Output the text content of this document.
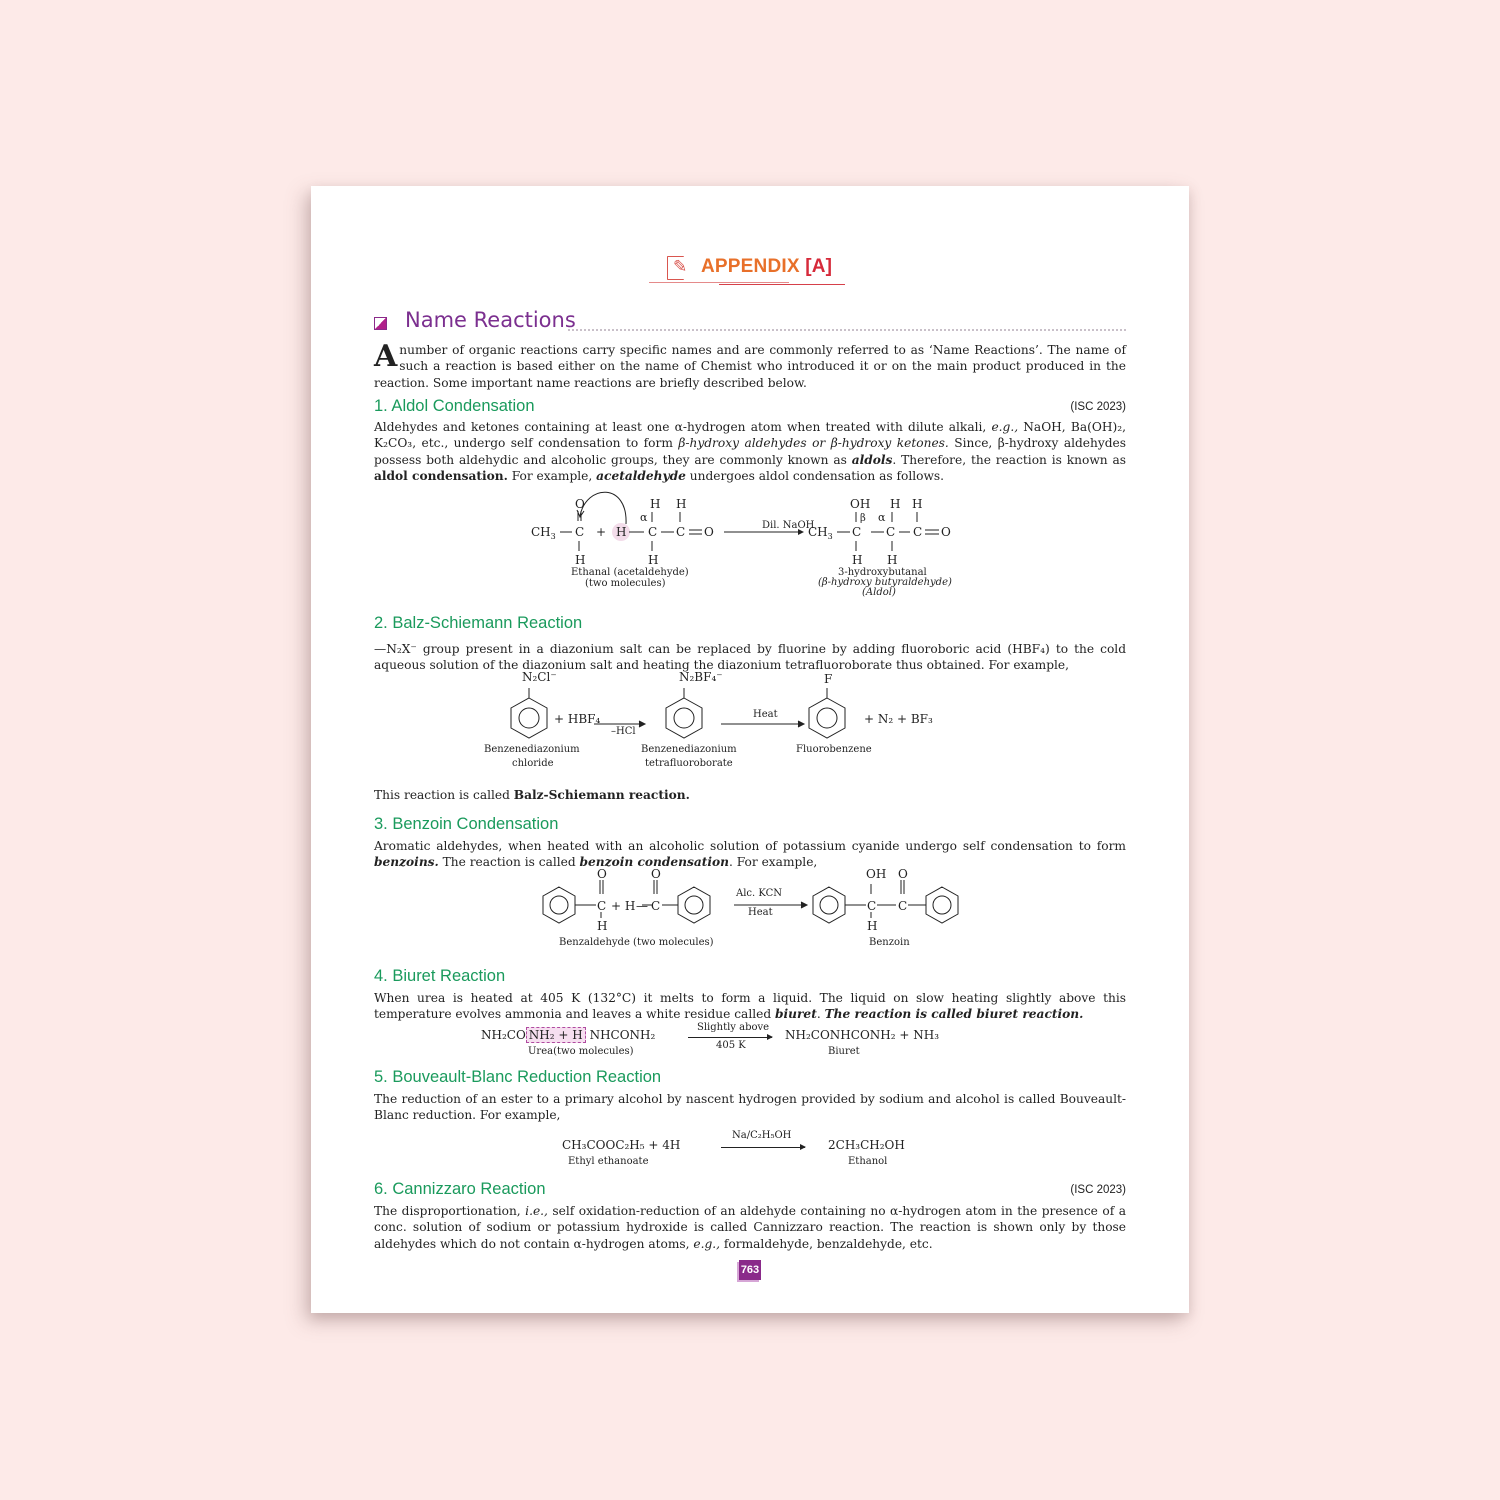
✎ APPENDIX [A]
Name Reactions

A number of organic reactions carry specific names and are commonly referred to as ‘Name Reactions’. The name of such a reaction is based either on the name of Chemist who introduced it or on the main product produced in the reaction. Some important name reactions are briefly described below.

1. Aldol Condensation	(ISC 2023)

Aldehydes and ketones containing at least one α-hydrogen atom when treated with dilute alkali, e.g., NaOH, Ba(OH)₂, K₂CO₃, etc., undergo self condensation to form β-hydroxy aldehydes or β-hydroxy ketones. Since, β-hydroxy aldehydes possess both aldehydic and alcoholic groups, they are commonly known as aldols. Therefore, the reaction is known as aldol condensation. For example, acetaldehyde undergoes aldol condensation as follows.

O
$CH_3$ C
H
+ H C
H
α
H
H
C O	Dil. NaOH
$CH_3$
OH
β
C
H
C
H
α
H
C
H
O
Ethanal (acetaldehyde)
(two molecules)
3-hydroxybutanal
(β-hydroxy butyraldehyde)
(Aldol)
2. Balz-Schiemann Reaction

—N₂X⁻ group present in a diazonium salt can be replaced by fluorine by adding fluoroboric acid (HBF₄) to the cold aqueous solution of the diazonium salt and heating the diazonium tetrafluoroborate thus obtained. For example,

N₂Cl⁻
+ HBF₄
–HCl
N₂BF₄⁻
Heat
F
+ N₂ + BF₃
Benzenediazonium
chloride
Benzenediazonium
tetrafluoroborate
Fluorobenzene

This reaction is called Balz-Schiemann reaction.

3. Benzoin Condensation

Aromatic aldehydes, when heated with an alcoholic solution of potassium cyanide undergo self condensation to form benzoins. The reaction is called benzoin condensation. For example,

O
C
H
+ H —
O
C
OH
C
H
O
C
Alc. KCN
Heat
Benzaldehyde (two molecules)	Benzoin
4. Biuret Reaction

When urea is heated at 405 K (132°C) it melts to form a liquid. The liquid on slow heating slightly above this temperature evolves ammonia and leaves a white residue called biuret. The reaction is called biuret reaction.

NH₂CO NH₂ + H NHCONH₂
Slightly above
405 K
NH₂CONHCONH₂ + NH₃
Urea(two molecules)	Biuret
5. Bouveault-Blanc Reduction Reaction

The reduction of an ester to a primary alcohol by nascent hydrogen provided by sodium and alcohol is called Bouveault-Blanc reduction. For example,

CH₃COOC₂H₅ + 4H
Na/C₂H₅OH
2CH₃CH₂OH
Ethyl ethanoate	Ethanol
6. Cannizzaro Reaction	(ISC 2023)

The disproportionation, i.e., self oxidation-reduction of an aldehyde containing no α-hydrogen atom in the presence of a conc. solution of sodium or potassium hydroxide is called Cannizzaro reaction. The reaction is shown only by those aldehydes which do not contain α-hydrogen atoms, e.g., formaldehyde, benzaldehyde, etc.

763
